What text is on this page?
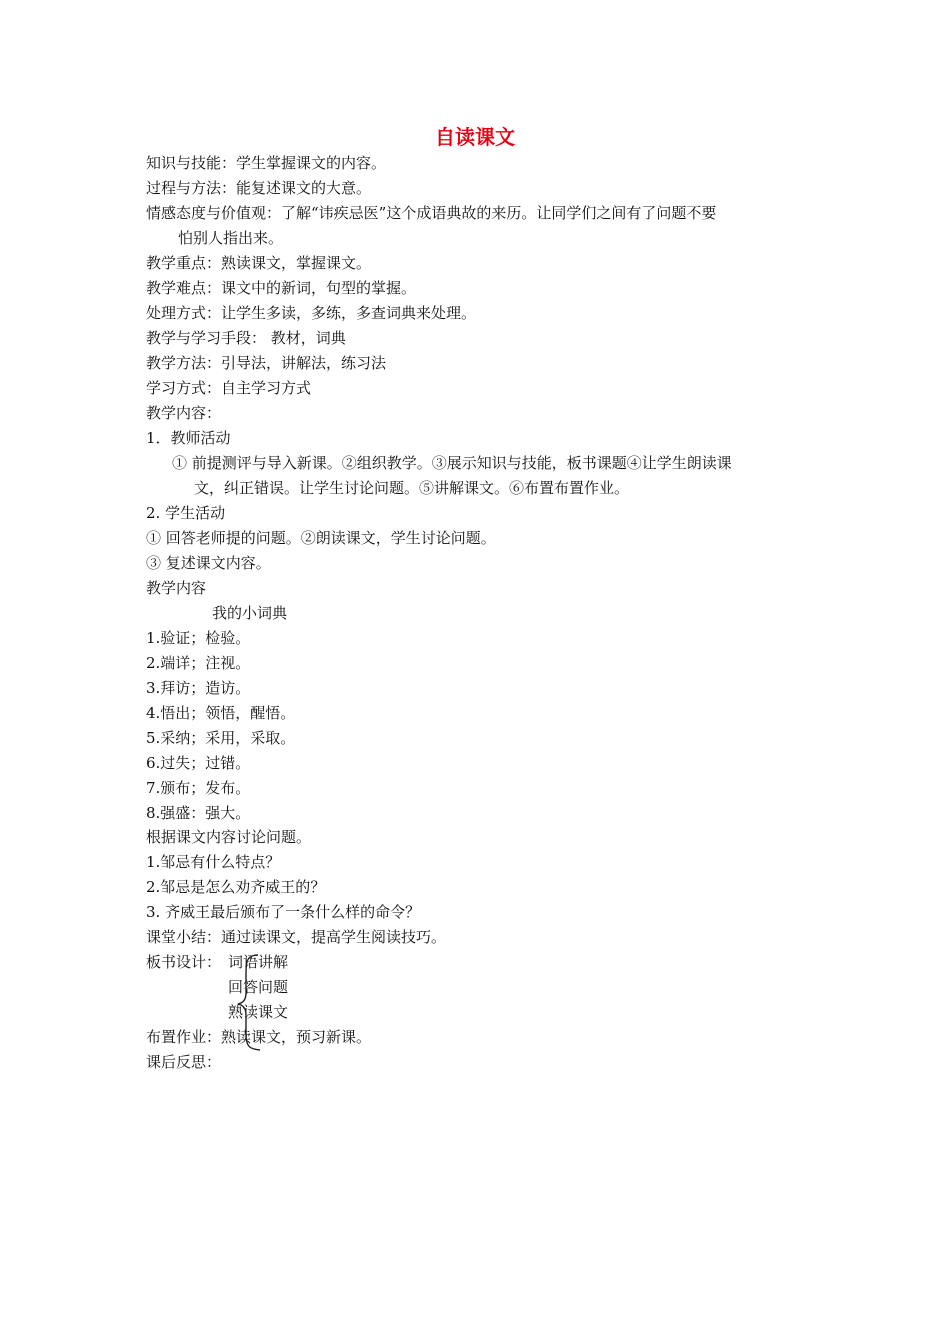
自读课文
知识与技能：学生掌握课文的内容。
过程与方法：能复述课文的大意。
情感态度与价值观：了解“讳疾忌医”这个成语典故的来历。让同学们之间有了问题不要
怕别人指出来。
教学重点：熟读课文，掌握课文。
教学难点：课文中的新词，句型的掌握。
处理方式：让学生多读，多练，多查词典来处理。
教学与学习手段： 教材，词典
教学方法：引导法，讲解法，练习法
学习方式：自主学习方式
教学内容：
1．教师活动
① 前提测评与导入新课。②组织教学。③展示知识与技能，板书课题④让学生朗读课
文，纠正错误。让学生讨论问题。⑤讲解课文。⑥布置布置作业。
2. 学生活动
① 回答老师提的问题。②朗读课文，学生讨论问题。
③ 复述课文内容。
教学内容
我的小词典
1.验证；检验。
2.端详；注视。
3.拜访；造访。
4.悟出；领悟，醒悟。
5.采纳；采用，采取。
6.过失；过错。
7.颁布；发布。
8.强盛：强大。
根据课文内容讨论问题。
1.邹忌有什么特点？
2.邹忌是怎么劝齐威王的？
3. 齐威王最后颁布了一条什么样的命令？
课堂小结：通过读课文，提高学生阅读技巧。
板书设计： 词语讲解
回答问题
熟读课文
布置作业：熟读课文，预习新课。
课后反思：
